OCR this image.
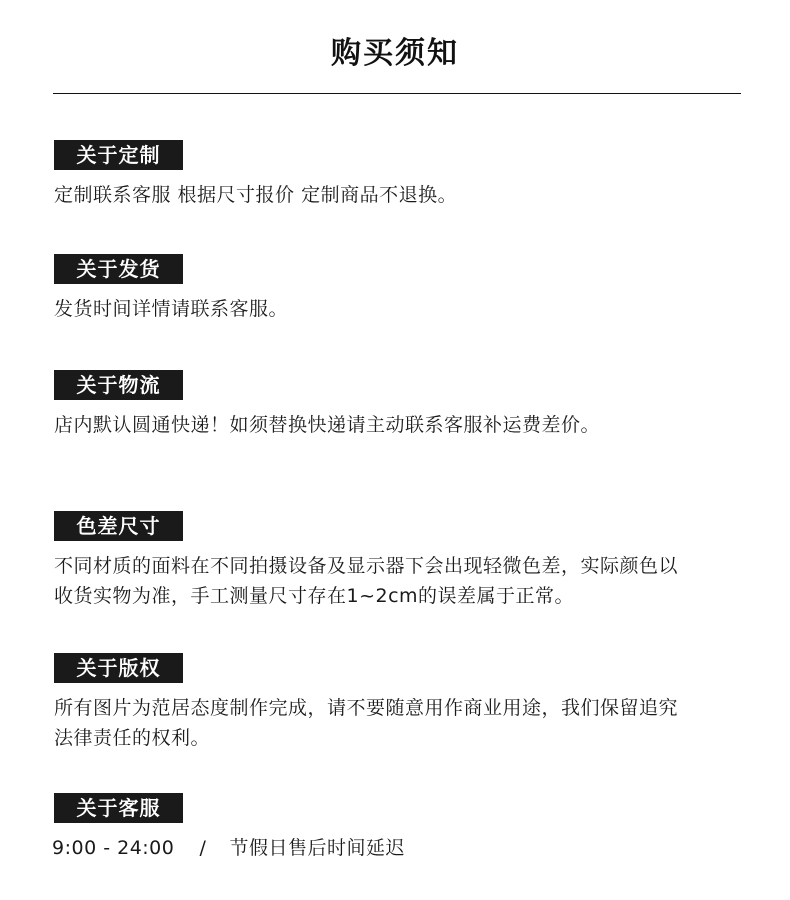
购买须知
关于定制
定制联系客服 根据尺寸报价 定制商品不退换。
关于发货
发货时间详情请联系客服。
关于物流
店内默认圆通快递！如须替换快递请主动联系客服补运费差价。
色差尺寸
不同材质的面料在不同拍摄设备及显示器下会出现轻微色差，实际颜色以
收货实物为准，手工测量尺寸存在1~2cm的误差属于正常。
关于版权
所有图片为范居态度制作完成，请不要随意用作商业用途，我们保留追究
法律责任的权利。
关于客服
9:00 - 24:00 / 节假日售后时间延迟
